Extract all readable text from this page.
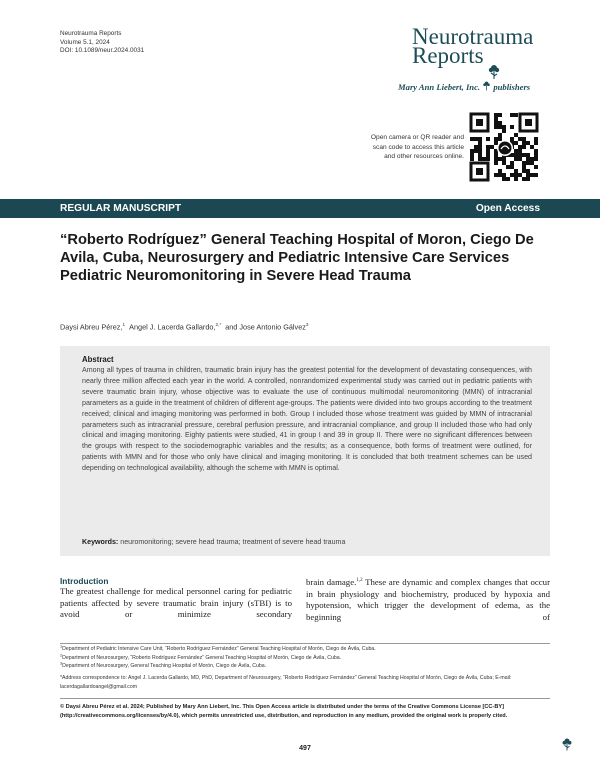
Neurotrauma Reports
Volume 5.1, 2024
DOI: 10.1089/neur.2024.0031
Neurotrauma
Reports
Mary Ann Liebert, Inc. publishers
Open camera or QR reader and
scan code to access this article
and other resources online.
REGULAR MANUSCRIPT	Open Access
“Roberto Rodríguez” General Teaching Hospital of Moron, Ciego De Avila, Cuba, Neurosurgery and Pediatric Intensive Care Services Pediatric Neuromonitoring in Severe Head Trauma
Daysi Abreu Pérez,$^1$ Angel J. Lacerda Gallardo,$^{2,*}$ and Jose Antonio Gálvez$^3$
Abstract
Among all types of trauma in children, traumatic brain injury has the greatest potential for the development of devastating consequences, with nearly three million affected each year in the world. A controlled, nonrandomized experimental study was carried out in pediatric patients with severe traumatic brain injury, whose objective was to evaluate the use of continuous multimodal neuromonitoring (MMN) of intracranial parameters as a guide in the treatment of children of different age-groups. The patients were divided into two groups according to the treatment received; clinical and imaging monitoring was performed in both. Group I included those whose treatment was guided by MMN of intracranial parameters such as intracranial pressure, cerebral perfusion pressure, and intracranial compliance, and group II included those who had only clinical and imaging monitoring. Eighty patients were studied, 41 in group I and 39 in group II. There were no significant differences between the groups with respect to the sociodemographic variables and the results; as a consequence, both forms of treatment were outlined, for patients with MMN and for those who only have clinical and imaging monitoring. It is concluded that both treatment schemes can be used depending on technological availability, although the scheme with MMN is optimal.
Keywords: neuromonitoring; severe head trauma; treatment of severe head trauma
Introduction
The greatest challenge for medical personnel caring for pediatric patients affected by severe traumatic brain injury (sTBI) is to avoid or minimize secondary
brain damage.$^{1,2}$ These are dynamic and complex changes that occur in brain physiology and biochemistry, produced by hypoxia and hypotension, which trigger the development of edema, as the beginning of
$^1$Department of Pediatric Intensive Care Unit, “Roberto Rodríguez Fernández” General Teaching Hospital of Morón, Ciego de Ávila, Cuba.
$^2$Department of Neurosurgery, “Roberto Rodríguez Fernández” General Teaching Hospital of Morón, Ciego de Ávila, Cuba.
$^3$Department of Neurosurgery, General Teaching Hospital of Morón, Ciego de Ávila, Cuba.
*Address correspondence to: Angel J. Lacerda Gallardo, MD, PhD, Department of Neurosurgery, “Roberto Rodríguez Fernández” General Teaching Hospital of Morón, Ciego de Ávila, Cuba; E-mail: lacerdagallardoangel@gmail.com
© Daysi Abreu Pérez et al. 2024; Published by Mary Ann Liebert, Inc. This Open Access article is distributed under the terms of the Creative Commons License [CC-BY] (http://creativecommons.org/licenses/by/4.0), which permits unrestricted use, distribution, and reproduction in any medium, provided the original work is properly cited.
497
